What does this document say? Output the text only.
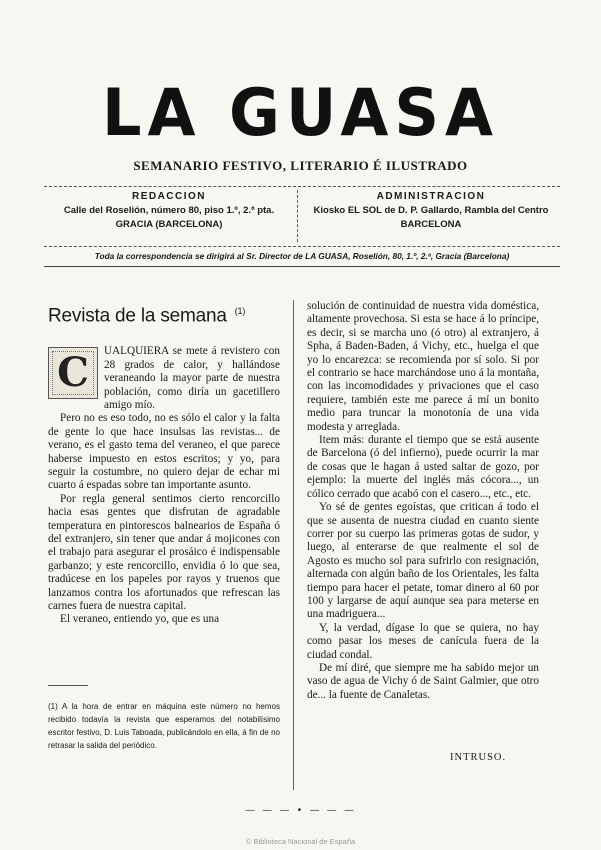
LA GUASA
SEMANARIO FESTIVO, LITERARIO É ILUSTRADO
REDACCION
Calle del Roselión, número 80, piso 1.º, 2.ª pta.
GRACIA (BARCELONA)
ADMINISTRACION
Kiosko EL SOL de D. P. Gallardo, Rambla del Centro
BARCELONA
Toda la correspondencia se dirigirá al Sr. Director de LA GUASA, Roselión, 80, 1.º, 2.ª, Gracia (Barcelona)
Revista de la semana $^{(1)}$
C	UALQUIERA se mete á revistero con 28 grados de calor, y hallándose veraneando la mayor parte de nuestra población, como diría un gacetillero amigo mío.

Pero no es eso todo, no es sólo el calor y la falta de gente lo que hace insulsas las revistas... de verano, es el gasto tema del veraneo, el que parece haberse impuesto en estos escritos; y yo, para seguir la costumbre, no quiero dejar de echar mi cuarto á espadas sobre tan importante asunto.

Por regla general sentimos cierto rencorcillo hacia esas gentes que disfrutan de agradable temperatura en pintorescos balnearios de España ó del extranjero, sin tener que andar á mojicones con el trabajo para asegurar el prosáico é indispensable garbanzo; y este rencorcillo, envidia ó lo que sea, tradúcese en los papeles por rayos y truenos que lanzamos contra los afortunados que refrescan las carnes fuera de nuestra capital.

El veraneo, entiendo yo, que es una

solución de continuidad de nuestra vida doméstica, altamente provechosa. Si esta se hace á lo príncipe, es decir, si se marcha uno (ó otro) al extranjero, á Spha, á Baden-Baden, á Vichy, etc., huelga el que yo lo encarezca: se recomienda por sí solo. Si por el contrario se hace marchándose uno á la montaña, con las incomodidades y privaciones que el caso requiere, también este me parece á mí un bonito medio para truncar la monotonía de una vida modesta y arreglada.

Item más: durante el tiempo que se está ausente de Barcelona (ó del infierno), puede ocurrir la mar de cosas que le hagan á usted saltar de gozo, por ejemplo: la muerte del inglés más cócora..., un cólico cerrado que acabó con el casero..., etc., etc.

Yo sé de gentes egoístas, que critican á todo el que se ausenta de nuestra ciudad en cuanto siente correr por su cuerpo las primeras gotas de sudor, y luego, al enterarse de que realmente el sol de Agosto es mucho sol para sufrirlo con resignación, alternada con algún baño de los Orientales, les falta tiempo para hacer el petate, tomar dinero al 60 por 100 y largarse de aquí aunque sea para meterse en una madriguera...

Y, la verdad, dígase lo que se quiera, no hay como pasar los meses de canícula fuera de la ciudad condal.

De mí diré, que siempre me ha sabido mejor un vaso de agua de Vichy ó de Saint Galmier, que otro de... la fuente de Canaletas.

(1) A la hora de entrar en máquina este número no hemos recibido todavía la revista que esperamos del notabilísimo escritor festivo, D. Luis Taboada, publicándolo en ella, á fin de no retrasar la salida del periódico.
INTRUSO.
— — — • — — —
© Biblioteca Nacional de España
